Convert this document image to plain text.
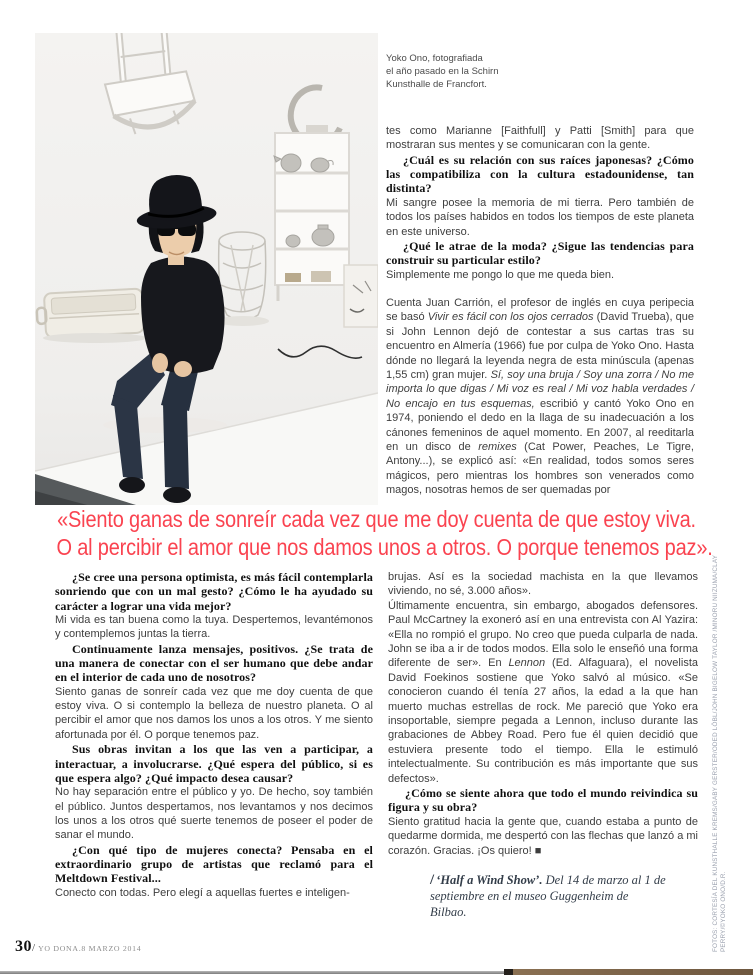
Yoko Ono, fotografiada
el año pasado en la Schirn
Kunsthalle de Francfort.

tes como Marianne [Faithfull] y Patti [Smith] para que mostraran sus mentes y se comunicaran con la gente.

¿Cuál es su relación con sus raíces japonesas? ¿Cómo las compatibiliza con la cultura estadounidense, tan distinta?

Mi sangre posee la memoria de mi tierra. Pero también de todos los países habidos en todos los tiempos de este planeta en este universo.

¿Qué le atrae de la moda? ¿Sigue las tendencias para construir su particular estilo?

Simplemente me pongo lo que me queda bien.

Cuenta Juan Carrión, el profesor de inglés en cuya peripecia se basó Vivir es fácil con los ojos cerrados (David Trueba), que si John Lennon dejó de contestar a sus cartas tras su encuentro en Almería (1966) fue por culpa de Yoko Ono. Hasta dónde no llegará la leyenda negra de esta minúscula (apenas 1,55 cm) gran mujer. Sí, soy una bruja / Soy una zorra / No me importa lo que digas / Mi voz es real / Mi voz habla verdades / No encajo en tus esquemas, escribió y cantó Yoko Ono en 1974, poniendo el dedo en la llaga de su inadecuación a los cánones femeninos de aquel momento. En 2007, al reeditarla en un disco de remixes (Cat Power, Peaches, Le Tigre, Antony...), se explicó así: «En realidad, todos somos seres mágicos, pero mientras los hombres son venerados como magos, nosotras hemos de ser quemadas por

«Siento ganas de sonreír cada vez que me doy cuenta de que estoy viva.
O al percibir el amor que nos damos unos a otros. O porque tenemos paz».

¿Se cree una persona optimista, es más fácil contemplarla sonriendo que con un mal gesto? ¿Cómo le ha ayudado su carácter a lograr una vida mejor?

Mi vida es tan buena como la tuya. Despertemos, levantémonos y contemplemos juntas la tierra.

Continuamente lanza mensajes, positivos. ¿Se trata de una manera de conectar con el ser humano que debe andar en el interior de cada uno de nosotros?

Siento ganas de sonreír cada vez que me doy cuenta de que estoy viva. O si contemplo la belleza de nuestro planeta. O al percibir el amor que nos damos los unos a los otros. Y me siento afortunada por él. O porque tenemos paz.

Sus obras invitan a los que las ven a participar, a interactuar, a involucrarse. ¿Qué espera del público, si es que espera algo? ¿Qué impacto desea causar?

No hay separación entre el público y yo. De hecho, soy también el público. Juntos despertamos, nos levantamos y nos decimos los unos a los otros qué suerte tenemos de poseer el poder de sanar el mundo.

¿Con qué tipo de mujeres conecta? Pensaba en el extraordinario grupo de artistas que reclamó para el Meltdown Festival...

Conecto con todas. Pero elegí a aquellas fuertes e inteligen-

brujas. Así es la sociedad machista en la que llevamos viviendo, no sé, 3.000 años».

Últimamente encuentra, sin embargo, abogados defensores. Paul McCartney la exoneró así en una entrevista con Al Yazira: «Ella no rompió el grupo. No creo que pueda culparla de nada. John se iba a ir de todos modos. Ella solo le enseñó una forma diferente de ser». En Lennon (Ed. Alfaguara), el novelista David Foekinos sostiene que Yoko salvó al músico. «Se conocieron cuando él tenía 27 años, la edad a la que han muerto muchas estrellas de rock. Me pareció que Yoko era insoportable, siempre pegada a Lennon, incluso durante las grabaciones de Abbey Road. Pero fue él quien decidió que estuviera presente todo el tiempo. Ella le estimuló intelectualmente. Su contribución es más importante que sus defectos».

¿Cómo se siente ahora que todo el mundo reivindica su figura y su obra?

Siento gratitud hacia la gente que, cuando estaba a punto de quedarme dormida, me despertó con las flechas que lanzó a mi corazón. Gracias. ¡Os quiero! ■

/ ‘Half a Wind Show’. Del 14 de marzo al 1 de septiembre en el museo Guggenheim de Bilbao.	FOTOS: CORTESÍA DEL KUNSTHALLE KREMS/GABY GERSTER/ODED LÖBL/JOHN BIGELOW TAYLOR /MINORU NIIZUMA/CLAY PERRY/©YOKO ONO/D.R.
30/ YO DONA.8 MARZO 2014
